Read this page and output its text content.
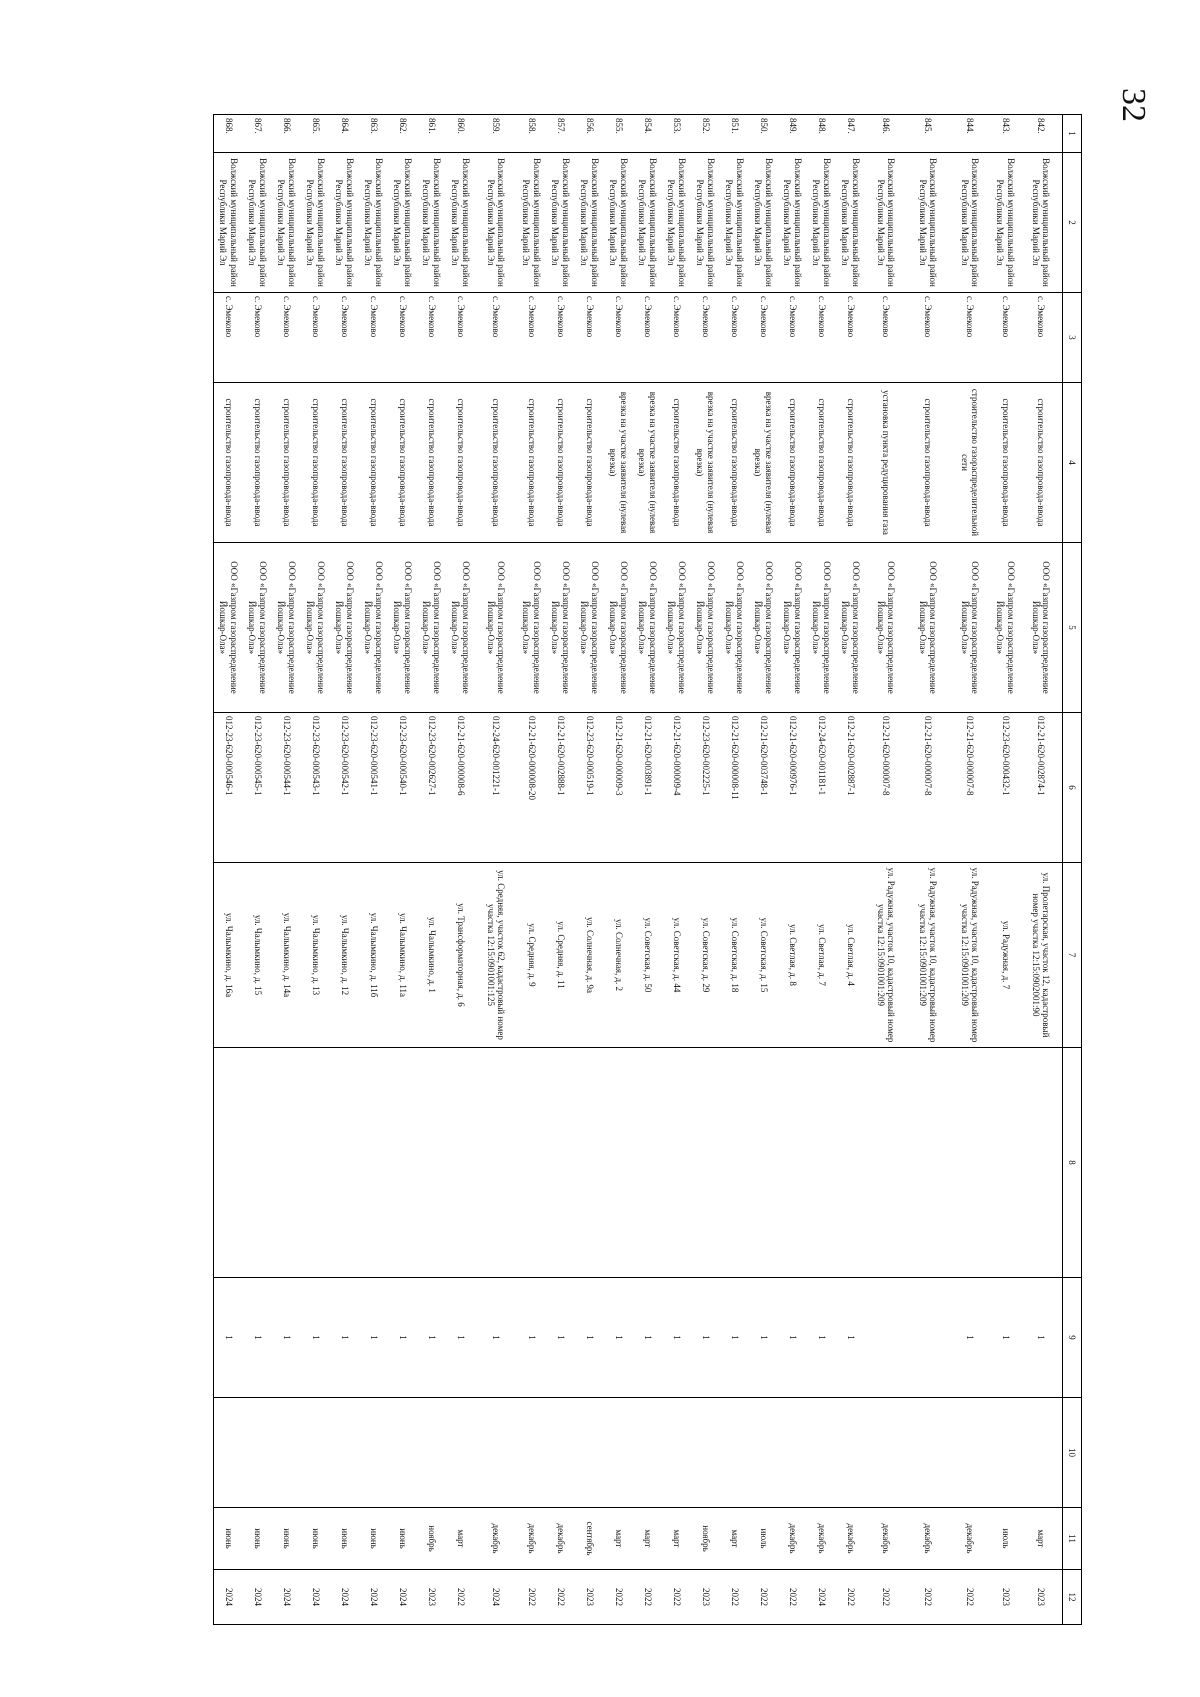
32
1	2	3	4	5	6	7	8	9	10	11	12
842.	Волжский муниципальный район Республики Марий Эл	с. Эмеково	строительство газопровода-ввода	ООО «Газпром газораспределение Йошкар-Ола»	012-21-620-002874-1	ул. Пролетарская, участок 12, кадастровый номер участка 12:15:0902001:90		1		март	2023
843.	Волжский муниципальный район Республики Марий Эл	с. Эмеково	строительство газопровода-ввода	ООО «Газпром газораспределение Йошкар-Ола»	012-23-620-000432-1	ул. Радужная, д. 7		1		июль	2023
844.	Волжский муниципальный район Республики Марий Эл	с. Эмеково	строительство газораспределительной сети	ООО «Газпром газораспределение Йошкар-Ола»	012-21-620-000007-8	ул. Радужная, участок 10, кадастровый номер участка 12:15:0901001:209		1		декабрь	2022
845.	Волжский муниципальный район Республики Марий Эл	с. Эмеково	строительство газопровода-ввода	ООО «Газпром газораспределение Йошкар-Ола»	012-21-620-000007-8	ул. Радужная, участок 10, кадастровый номер участка 12:15:0901001:209				декабрь	2022
846.	Волжский муниципальный район Республики Марий Эл	с. Эмеково	установка пункта редуцирования газа	ООО «Газпром газораспределение Йошкар-Ола»	012-21-620-000007-8	ул. Радужная, участок 10, кадастровый номер участка 12:15:0901001:209				декабрь	2022
847.	Волжский муниципальный район Республики Марий Эл	с. Эмеково	строительство газопровода-ввода	ООО «Газпром газораспределение Йошкар-Ола»	012-21-620-002887-1	ул. Светлая, д. 4		1		декабрь	2022
848.	Волжский муниципальный район Республики Марий Эл	с. Эмеково	строительство газопровода-ввода	ООО «Газпром газораспределение Йошкар-Ола»	012-24-620-001181-1	ул. Светлая, д. 7		1		декабрь	2024
849.	Волжский муниципальный район Республики Марий Эл	с. Эмеково	строительство газопровода-ввода	ООО «Газпром газораспределение Йошкар-Ола»	012-21-620-000976-1	ул. Светлая, д. 8		1		декабрь	2022
850.	Волжский муниципальный район Республики Марий Эл	с. Эмеково	врезка на участке заявителя (нулевая врезка)	ООО «Газпром газораспределение Йошкар-Ола»	012-21-620-003748-1	ул. Советская, д. 15		1		июль	2022
851.	Волжский муниципальный район Республики Марий Эл	с. Эмеково	строительство газопровода-ввода	ООО «Газпром газораспределение Йошкар-Ола»	012-21-620-000008-11	ул. Советская, д. 18		1		март	2022
852.	Волжский муниципальный район Республики Марий Эл	с. Эмеково	врезка на участке заявителя (нулевая врезка)	ООО «Газпром газораспределение Йошкар-Ола»	012-23-620-002225-1	ул. Советская, д. 29		1		ноябрь	2023
853.	Волжский муниципальный район Республики Марий Эл	с. Эмеково	строительство газопровода-ввода	ООО «Газпром газораспределение Йошкар-Ола»	012-21-620-000009-4	ул. Советская, д. 44		1		март	2022
854.	Волжский муниципальный район Республики Марий Эл	с. Эмеково	врезка на участке заявителя (нулевая врезка)	ООО «Газпром газораспределение Йошкар-Ола»	012-21-620-003891-1	ул. Советская, д. 50		1		март	2022
855.	Волжский муниципальный район Республики Марий Эл	с. Эмеково	врезка на участке заявителя (нулевая врезка)	ООО «Газпром газораспределение Йошкар-Ола»	012-21-620-000009-3	ул. Солнечная, д. 2		1		март	2022
856.	Волжский муниципальный район Республики Марий Эл	с. Эмеково	строительство газопровода-ввода	ООО «Газпром газораспределение Йошкар-Ола»	012-23-620-000519-1	ул. Солнечная, д. 9а		1		сентябрь	2023
857.	Волжский муниципальный район Республики Марий Эл	с. Эмеково	строительство газопровода-ввода	ООО «Газпром газораспределение Йошкар-Ола»	012-21-620-002888-1	ул. Средняя, д. 11		1		декабрь	2022
858.	Волжский муниципальный район Республики Марий Эл	с. Эмеково	строительство газопровода-ввода	ООО «Газпром газораспределение Йошкар-Ола»	012-21-620-000008-20	ул. Средняя, д. 9		1		декабрь	2022
859.	Волжский муниципальный район Республики Марий Эл	с. Эмеково	строительство газопровода-ввода	ООО «Газпром газораспределение Йошкар-Ола»	012-24-620-001221-1	ул. Средняя, участок 62, кадастровый номер участка 12:15:0901001:125		1		декабрь	2024
860.	Волжский муниципальный район Республики Марий Эл	с. Эмеково	строительство газопровода-ввода	ООО «Газпром газораспределение Йошкар-Ола»	012-21-620-000008-6	ул. Трансформаторная, д. 6		1		март	2022
861.	Волжский муниципальный район Республики Марий Эл	с. Эмеково	строительство газопровода-ввода	ООО «Газпром газораспределение Йошкар-Ола»	012-23-620-002627-1	ул. Чалымкино, д. 1		1		ноябрь	2023
862.	Волжский муниципальный район Республики Марий Эл	с. Эмеково	строительство газопровода-ввода	ООО «Газпром газораспределение Йошкар-Ола»	012-23-620-000540-1	ул. Чалымкино, д. 11а		1		июнь	2024
863.	Волжский муниципальный район Республики Марий Эл	с. Эмеково	строительство газопровода-ввода	ООО «Газпром газораспределение Йошкар-Ола»	012-23-620-000541-1	ул. Чалымкино, д. 11б		1		июнь	2024
864.	Волжский муниципальный район Республики Марий Эл	с. Эмеково	строительство газопровода-ввода	ООО «Газпром газораспределение Йошкар-Ола»	012-23-620-000542-1	ул. Чалымкино, д. 12		1		июнь	2024
865.	Волжский муниципальный район Республики Марий Эл	с. Эмеково	строительство газопровода-ввода	ООО «Газпром газораспределение Йошкар-Ола»	012-23-620-000543-1	ул. Чалымкино, д. 13		1		июнь	2024
866.	Волжский муниципальный район Республики Марий Эл	с. Эмеково	строительство газопровода-ввода	ООО «Газпром газораспределение Йошкар-Ола»	012-23-620-000544-1	ул. Чалымкино, д. 14а		1		июнь	2024
867.	Волжский муниципальный район Республики Марий Эл	с. Эмеково	строительство газопровода-ввода	ООО «Газпром газораспределение Йошкар-Ола»	012-23-620-000545-1	ул. Чалымкино, д. 15		1		июнь	2024
868.	Волжский муниципальный район Республики Марий Эл	с. Эмеково	строительство газопровода-ввода	ООО «Газпром газораспределение Йошкар-Ола»	012-23-620-000546-1	ул. Чалымкино, д. 16а		1		июнь	2024
